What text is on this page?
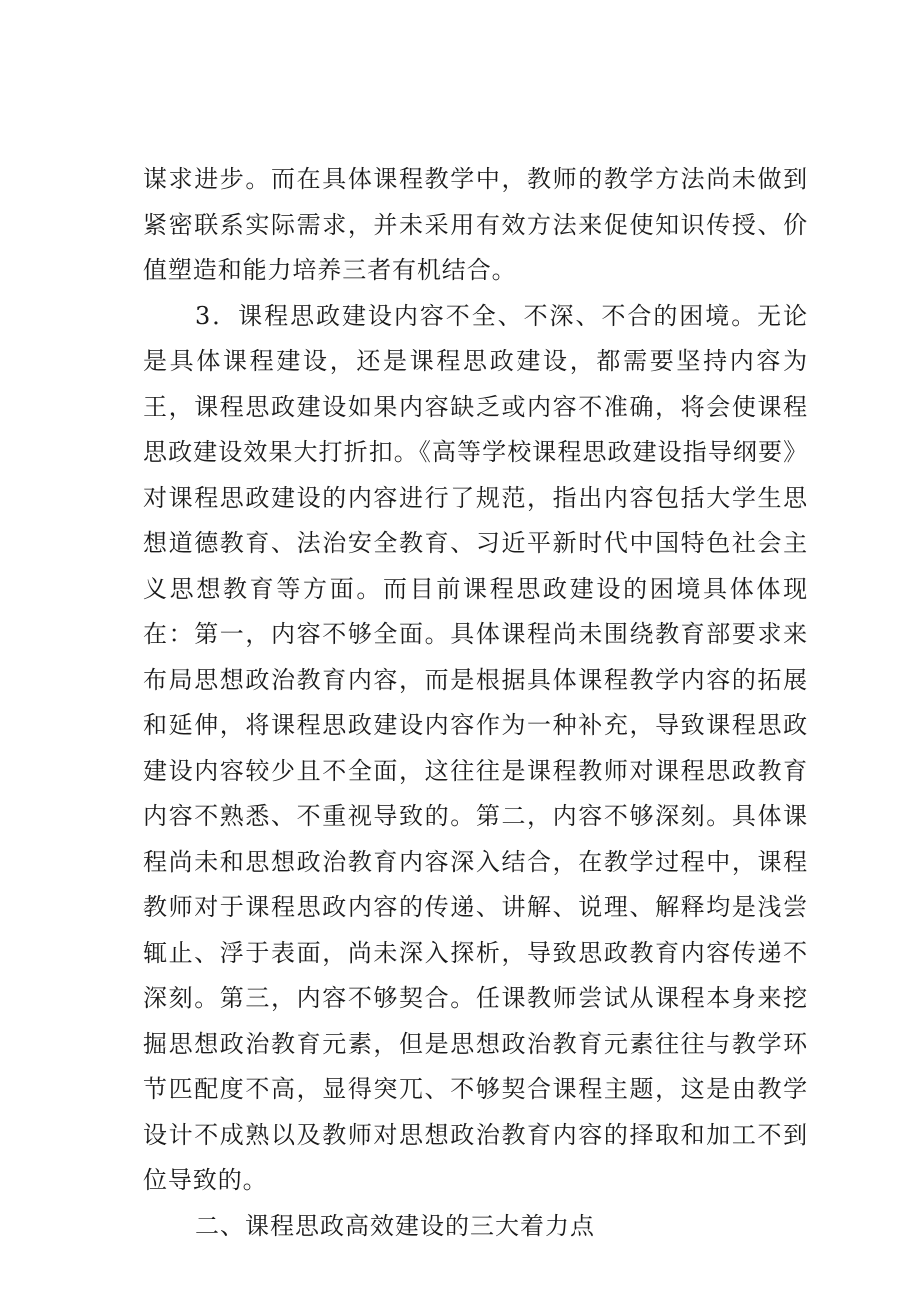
谋求进步。而在具体课程教学中，教师的教学方法尚未做到紧密联系实际需求，并未采用有效方法来促使知识传授、价值塑造和能力培养三者有机结合。

3．课程思政建设内容不全、不深、不合的困境。无论是具体课程建设，还是课程思政建设，都需要坚持内容为王，课程思政建设如果内容缺乏或内容不准确，将会使课程思政建设效果大打折扣。《高等学校课程思政建设指导纲要》对课程思政建设的内容进行了规范，指出内容包括大学生思想道德教育、法治安全教育、习近平新时代中国特色社会主义思想教育等方面。而目前课程思政建设的困境具体体现在：第一，内容不够全面。具体课程尚未围绕教育部要求来布局思想政治教育内容，而是根据具体课程教学内容的拓展和延伸，将课程思政建设内容作为一种补充，导致课程思政建设内容较少且不全面，这往往是课程教师对课程思政教育内容不熟悉、不重视导致的。第二，内容不够深刻。具体课程尚未和思想政治教育内容深入结合，在教学过程中，课程教师对于课程思政内容的传递、讲解、说理、解释均是浅尝辄止、浮于表面，尚未深入探析，导致思政教育内容传递不深刻。第三，内容不够契合。任课教师尝试从课程本身来挖掘思想政治教育元素，但是思想政治教育元素往往与教学环节匹配度不高，显得突兀、不够契合课程主题，这是由教学设计不成熟以及教师对思想政治教育内容的择取和加工不到位导致的。

二、课程思政高效建设的三大着力点
